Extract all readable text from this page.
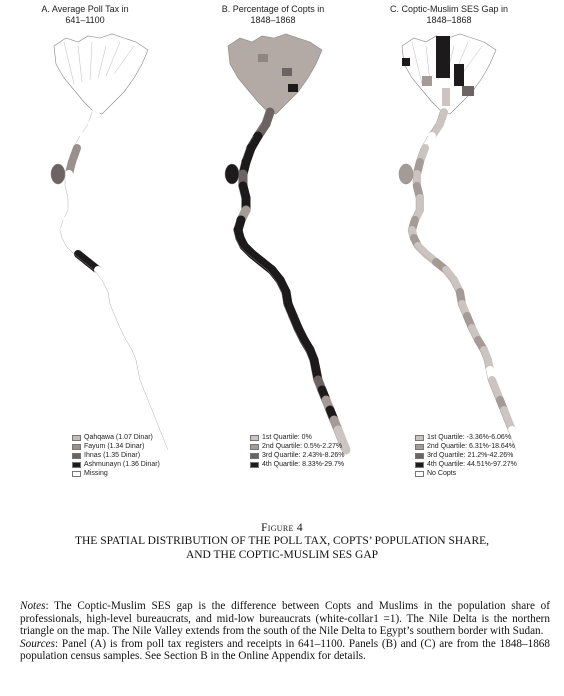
A. Average Poll Tax in
641–1100
B. Percentage of Copts in
1848–1868
C. Coptic-Muslim SES Gap in
1848–1868
Qahqawa (1.07 Dinar)
Fayum (1.34 Dinar)
Ihnas (1.35 Dinar)
Ashmunayn (1.36 Dinar)
Missing
1st Quartile: 0%
2nd Quartile: 0.5%-2.27%
3rd Quartile: 2.43%-8.26%
4th Quartile: 8.33%-29.7%
1st Quartile: -3.36%-6.06%
2nd Quartile: 6.31%-18.64%
3rd Quartile: 21.2%-42.26%
4th Quartile: 44.51%-97.27%
No Copts
Figure 4
THE SPATIAL DISTRIBUTION OF THE POLL TAX, COPTS’ POPULATION SHARE,
AND THE COPTIC-MUSLIM SES GAP

Notes: The Coptic-Muslim SES gap is the difference between Copts and Muslims in the population share of professionals, high-level bureaucrats, and mid-low bureaucrats (white-collar1 =1). The Nile Delta is the northern triangle on the map. The Nile Valley extends from the south of the Nile Delta to Egypt’s southern border with Sudan.

Sources: Panel (A) is from poll tax registers and receipts in 641–1100. Panels (B) and (C) are from the 1848–1868 population census samples. See Section B in the Online Appendix for details.
